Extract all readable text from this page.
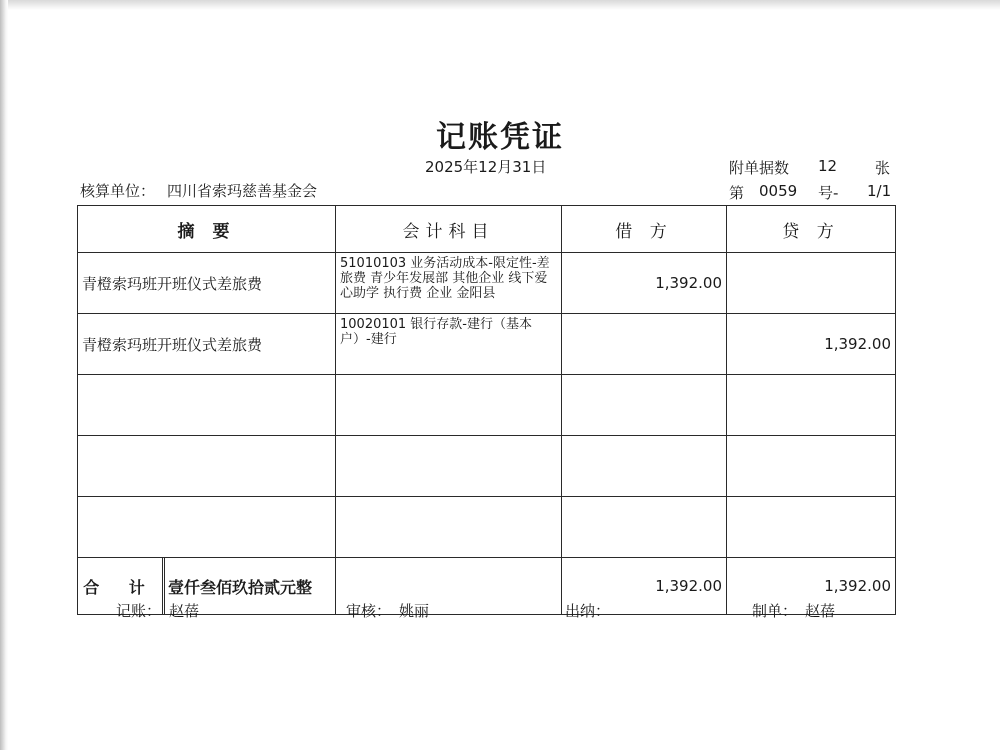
记账凭证
2025年12月31日	附单据数 12	张
核算单位： 四川省索玛慈善基金会	第 0059 号- 1/1
摘 要	会计科目	借 方	贷 方
青橙索玛班开班仪式差旅费	51010103 业务活动成本-限定性-差旅费 青少年发展部 其他企业 线下爱心助学 执行费 企业 金阳县	1,392.00	
青橙索玛班开班仪式差旅费	10020101 银行存款-建行（基本户）-建行		1,392.00

合 计 壹仟叁佰玖拾贰元整		1,392.00	1,392.00
记账： 赵蓓	审核： 姚丽	出纳：	制单： 赵蓓
